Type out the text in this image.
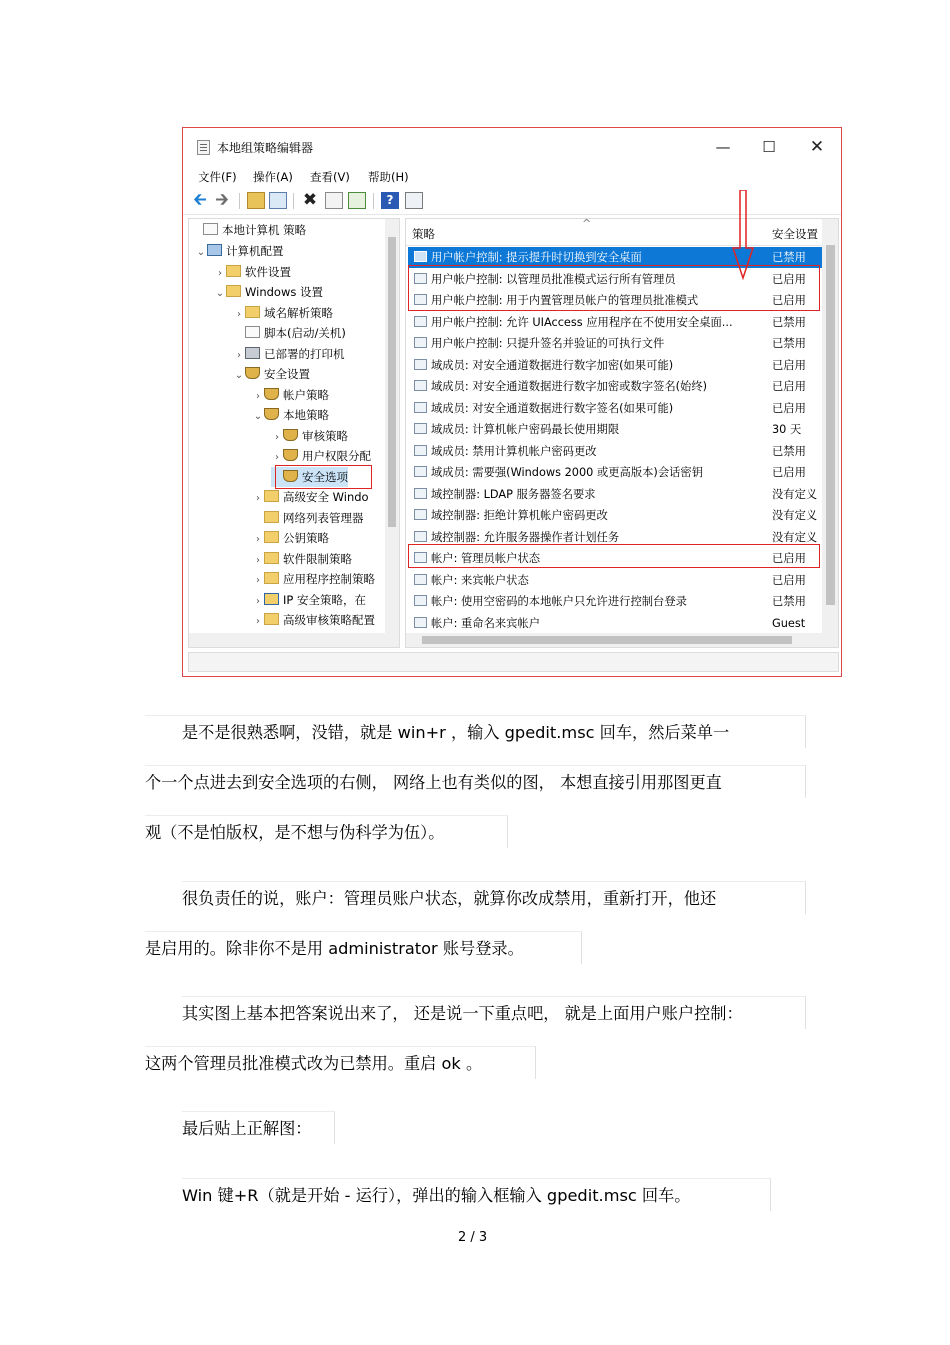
本地组策略编辑器	—	☐	✕
文件(F) 操作(A) 查看(V) 帮助(H)
🡰 🡲	✖	?
本地计算机 策略
⌄ 计算机配置
› 软件设置
⌄ Windows 设置
› 域名解析策略
脚本(启动/关机)
› 已部署的打印机
⌄ 安全设置
› 帐户策略
⌄ 本地策略
› 审核策略
› 用户权限分配
安全选项
› 高级安全 Windo
网络列表管理器
› 公钥策略
› 软件限制策略
› 应用程序控制策略
› IP 安全策略，在
› 高级审核策略配置
策略
^
安全设置
用户帐户控制: 提示提升时切换到安全桌面	已禁用
用户帐户控制: 以管理员批准模式运行所有管理员	已启用
用户帐户控制: 用于内置管理员帐户的管理员批准模式	已启用
用户帐户控制: 允许 UIAccess 应用程序在不使用安全桌面...	已禁用
用户帐户控制: 只提升签名并验证的可执行文件	已禁用
域成员: 对安全通道数据进行数字加密(如果可能)	已启用
域成员: 对安全通道数据进行数字加密或数字签名(始终)	已启用
域成员: 对安全通道数据进行数字签名(如果可能)	已启用
域成员: 计算机帐户密码最长使用期限	30 天
域成员: 禁用计算机帐户密码更改	已禁用
域成员: 需要强(Windows 2000 或更高版本)会话密钥	已启用
域控制器: LDAP 服务器签名要求	没有定义
域控制器: 拒绝计算机帐户密码更改	没有定义
域控制器: 允许服务器操作者计划任务	没有定义
帐户: 管理员帐户状态	已启用
帐户: 来宾帐户状态	已启用
帐户: 使用空密码的本地帐户只允许进行控制台登录	已禁用
帐户: 重命名来宾帐户	Guest
是不是很熟悉啊，没错，就是 win+r ，输入 gpedit.msc 回车，然后菜单一
个一个点进去到安全选项的右侧， 网络上也有类似的图， 本想直接引用那图更直
观（不是怕版权，是不想与伪科学为伍）。
很负责任的说，账户：管理员账户状态，就算你改成禁用，重新打开，他还
是启用的。除非你不是用 administrator 账号登录。
其实图上基本把答案说出来了， 还是说一下重点吧， 就是上面用户账户控制：
这两个管理员批准模式改为已禁用。重启 ok 。
最后贴上正解图：
Win 键+R（就是开始 - 运行），弹出的输入框输入 gpedit.msc 回车。
2 / 3
